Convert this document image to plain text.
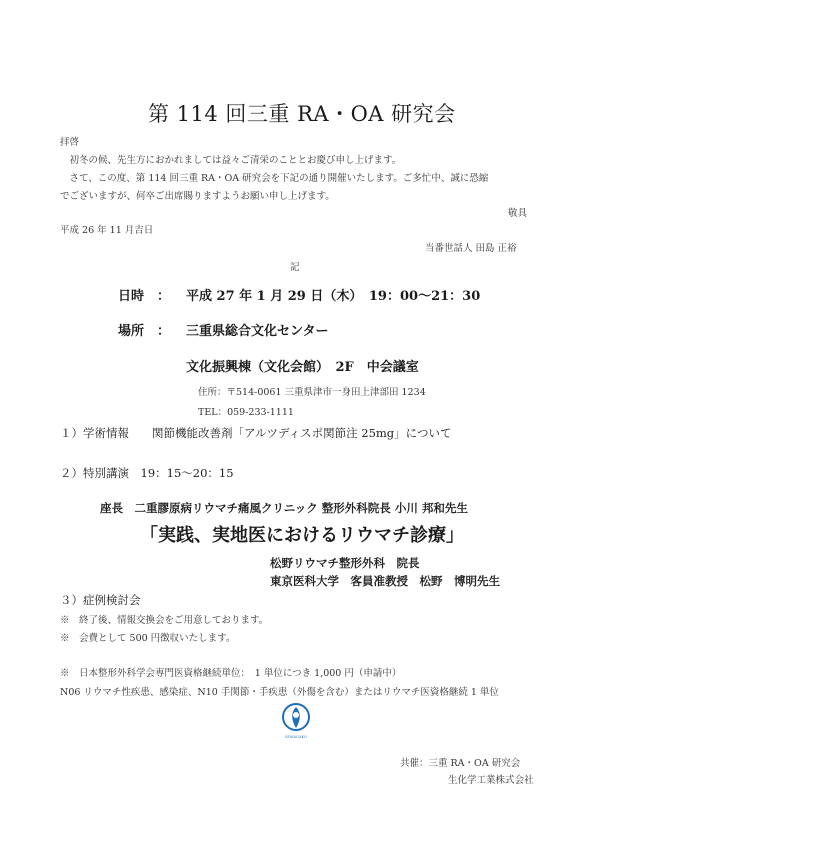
第 114 回三重 RA・OA 研究会
拝啓
　初冬の候、先生方におかれましては益々ご清栄のこととお慶び申し上げます。
　さて、この度、第 114 回三重 RA・OA 研究会を下記の通り開催いたします。ご多忙中、誠に恐縮
でございますが、何卒ご出席賜りますようお願い申し上げます。
敬具
平成 26 年 11 月吉日
当番世話人 田島 正裕
記
日時　： 平成 27 年 1 月 29 日（木）　19：00〜21：30
場所　： 三重県総合文化センター
文化振興棟（文化会館）　2F　中会議室
住所：〒514-0061 三重県津市一身田上津部田 1234
TEL：059-233-1111
１）学術情報　　関節機能改善剤「アルツディスポ関節注 25mg」について
２）特別講演　19：15〜20：15
座長　二重膠原病リウマチ痛風クリニック 整形外科院長 小川 邦和先生
「実践、実地医におけるリウマチ診療」
松野リウマチ整形外科　院長
東京医科大学　客員准教授　松野　博明先生
３）症例検討会
※　終了後、情報交換会をご用意しております。
※　会費として 500 円徴収いたします。
※　日本整形外科学会専門医資格継続単位：　1 単位につき 1,000 円（申請中）
N06 リウマチ性疾患、感染症、N10 手関節・手疾患（外傷を含む）またはリウマチ医資格継続 1 単位
SEIKAGAKU
共催：三重 RA・OA 研究会
生化学工業株式会社
